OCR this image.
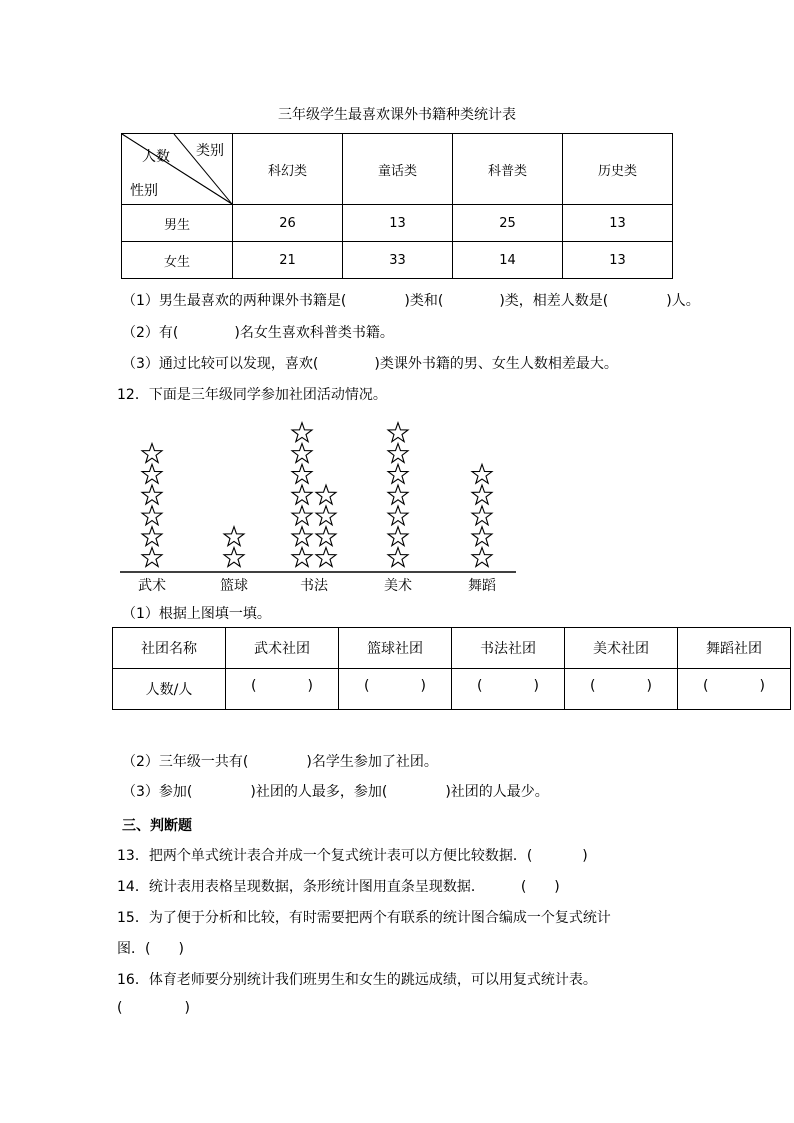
三年级学生最喜欢课外书籍种类统计表
类别
人数
性别	科幻类	童话类	科普类	历史类
男生	26	13	25	13
女生	21	33	14	13
（1）男生最喜欢的两种课外书籍是(	)类和(	)类，相差人数是(	)人。
（2）有(	)名女生喜欢科普类书籍。
（3）通过比较可以发现，喜欢(	)类课外书籍的男、女生人数相差最大。
12．下面是三年级同学参加社团活动情况。
武术	篮球	书法	美术	舞蹈
（1）根据上图填一填。
社团名称	武术社团	篮球社团	书法社团	美术社团	舞蹈社团
人数/人	( )	( )	( )	( )	( )
（2）三年级一共有(	)名学生参加了社团。
（3）参加(	)社团的人最多，参加(	)社团的人最少。
三、判断题
13．把两个单式统计表合并成一个复式统计表可以方便比较数据．(	)
14．统计表用表格呈现数据，条形统计图用直条呈现数据．	(　　)
15．为了便于分析和比较，有时需要把两个有联系的统计图合编成一个复式统计
图．(　　)
16．体育老师要分别统计我们班男生和女生的跳远成绩，可以用复式统计表。
(	)
